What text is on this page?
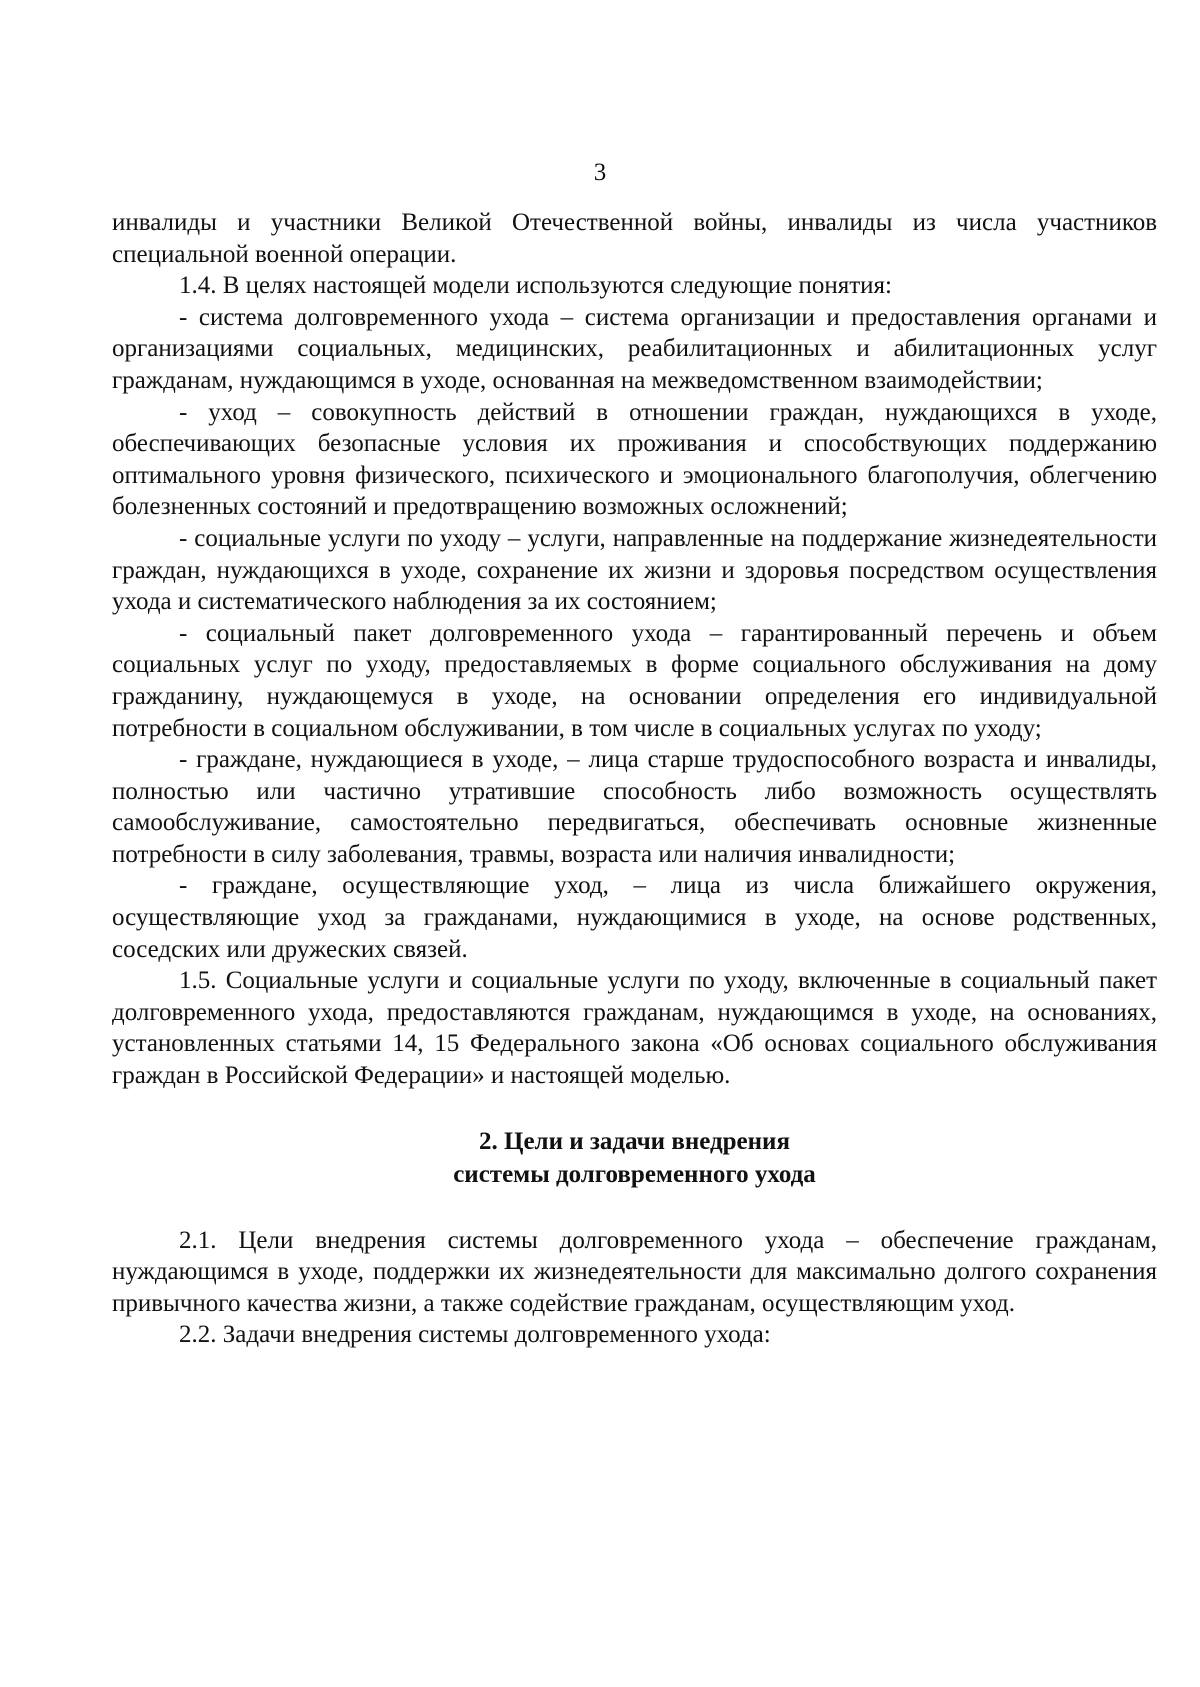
3

инвалиды и участники Великой Отечественной войны, инвалиды из числа участников специальной военной операции.

1.4. В целях настоящей модели используются следующие понятия:

- система долговременного ухода – система организации и предоставления органами и организациями социальных, медицинских, реабилитационных и абилитационных услуг гражданам, нуждающимся в уходе, основанная на межведомственном взаимодействии;

- уход – совокупность действий в отношении граждан, нуждающихся в уходе, обеспечивающих безопасные условия их проживания и способствующих поддержанию оптимального уровня физического, психического и эмоционального благополучия, облегчению болезненных состояний и предотвращению возможных осложнений;

- социальные услуги по уходу – услуги, направленные на поддержание жизнедеятельности граждан, нуждающихся в уходе, сохранение их жизни и здоровья посредством осуществления ухода и систематического наблюдения за их состоянием;

- социальный пакет долговременного ухода – гарантированный перечень и объем социальных услуг по уходу, предоставляемых в форме социального обслуживания на дому гражданину, нуждающемуся в уходе, на основании определения его индивидуальной потребности в социальном обслуживании, в том числе в социальных услугах по уходу;

- граждане, нуждающиеся в уходе, – лица старше трудоспособного возраста и инвалиды, полностью или частично утратившие способность либо возможность осуществлять самообслуживание, самостоятельно передвигаться, обеспечивать основные жизненные потребности в силу заболевания, травмы, возраста или наличия инвалидности;

- граждане, осуществляющие уход, – лица из числа ближайшего окружения, осуществляющие уход за гражданами, нуждающимися в уходе, на основе родственных, соседских или дружеских связей.

1.5. Социальные услуги и социальные услуги по уходу, включенные в социальный пакет долговременного ухода, предоставляются гражданам, нуждающимся в уходе, на основаниях, установленных статьями 14, 15 Федерального закона «Об основах социального обслуживания граждан в Российской Федерации» и настоящей моделью.

2. Цели и задачи внедрения
системы долговременного ухода

2.1. Цели внедрения системы долговременного ухода – обеспечение гражданам, нуждающимся в уходе, поддержки их жизнедеятельности для максимально долгого сохранения привычного качества жизни, а также содействие гражданам, осуществляющим уход.

2.2. Задачи внедрения системы долговременного ухода:
